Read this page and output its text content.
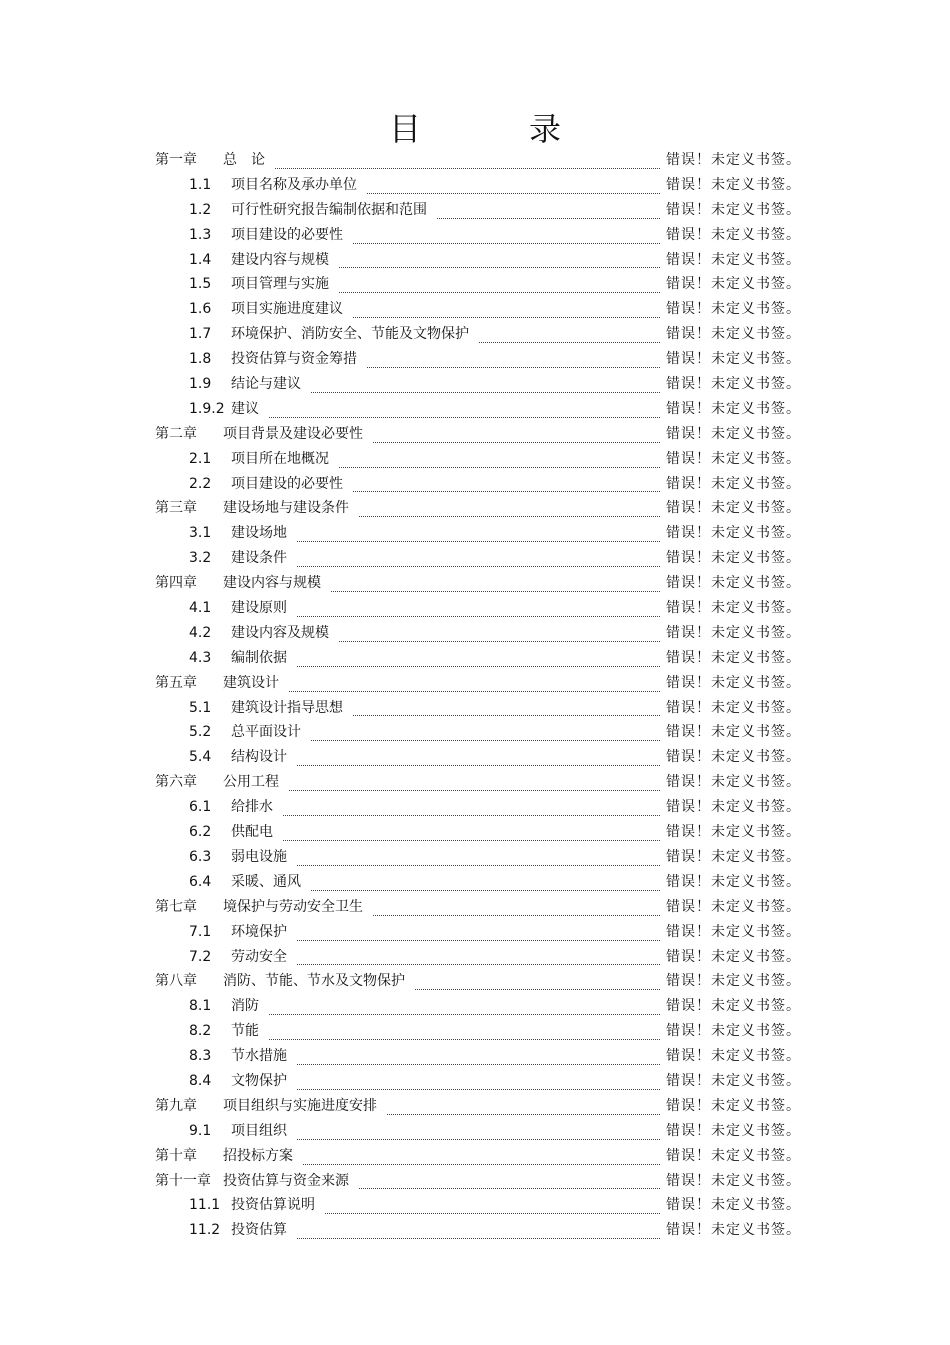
目　录
第一章	总　论	错误！未定义书签。
1.1	项目名称及承办单位	错误！未定义书签。
1.2	可行性研究报告编制依据和范围	错误！未定义书签。
1.3	项目建设的必要性	错误！未定义书签。
1.4	建设内容与规模	错误！未定义书签。
1.5	项目管理与实施	错误！未定义书签。
1.6	项目实施进度建议	错误！未定义书签。
1.7	环境保护、消防安全、节能及文物保护	错误！未定义书签。
1.8	投资估算与资金筹措	错误！未定义书签。
1.9	结论与建议	错误！未定义书签。
1.9.2 建议	错误！未定义书签。
第二章	项目背景及建设必要性	错误！未定义书签。
2.1	项目所在地概况	错误！未定义书签。
2.2	项目建设的必要性	错误！未定义书签。
第三章	建设场地与建设条件	错误！未定义书签。
3.1	建设场地	错误！未定义书签。
3.2	建设条件	错误！未定义书签。
第四章	建设内容与规模	错误！未定义书签。
4.1	建设原则	错误！未定义书签。
4.2	建设内容及规模	错误！未定义书签。
4.3	编制依据	错误！未定义书签。
第五章	建筑设计	错误！未定义书签。
5.1	建筑设计指导思想	错误！未定义书签。
5.2	总平面设计	错误！未定义书签。
5.4	结构设计	错误！未定义书签。
第六章	公用工程	错误！未定义书签。
6.1	给排水	错误！未定义书签。
6.2	供配电	错误！未定义书签。
6.3	弱电设施	错误！未定义书签。
6.4	采暖、通风	错误！未定义书签。
第七章	境保护与劳动安全卫生	错误！未定义书签。
7.1	环境保护	错误！未定义书签。
7.2	劳动安全	错误！未定义书签。
第八章	消防、节能、节水及文物保护	错误！未定义书签。
8.1	消防	错误！未定义书签。
8.2	节能	错误！未定义书签。
8.3	节水措施	错误！未定义书签。
8.4	文物保护	错误！未定义书签。
第九章	项目组织与实施进度安排	错误！未定义书签。
9.1	项目组织	错误！未定义书签。
第十章	招投标方案	错误！未定义书签。
第十一章 投资估算与资金来源	错误！未定义书签。
11.1 投资估算说明	错误！未定义书签。
11.2 投资估算	错误！未定义书签。
